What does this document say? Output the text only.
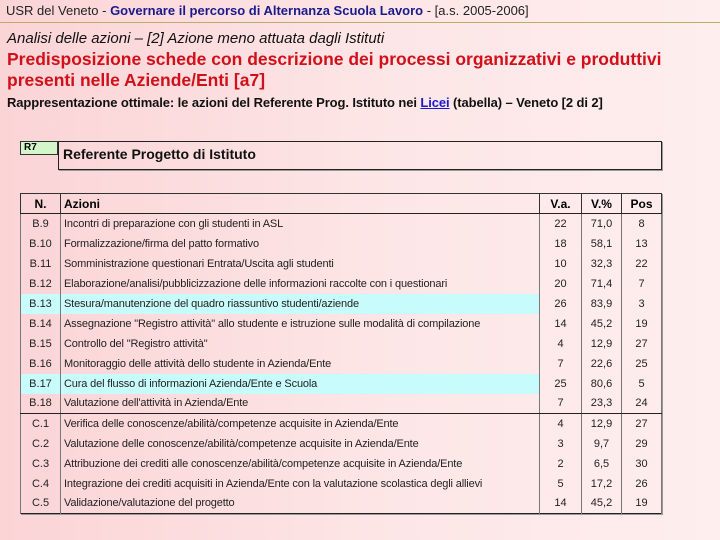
USR del Veneto - Governare il percorso di Alternanza Scuola Lavoro - [a.s. 2005-2006]
Analisi delle azioni – [2] Azione meno attuata dagli Istituti
Predisposizione schede con descrizione dei processi organizzativi e produttivi presenti nelle Aziende/Enti [a7]
Rappresentazione ottimale: le azioni del Referente Prog. Istituto nei Licei (tabella) – Veneto [2 di 2]
R7	Referente Progetto di Istituto
N.	Azioni	V.a.	V.%	Pos
B.9	Incontri di preparazione con gli studenti in ASL	22	71,0	8
B.10	Formalizzazione/firma del patto formativo	18	58,1	13
B.11	Somministrazione questionari Entrata/Uscita agli studenti	10	32,3	22
B.12	Elaborazione/analisi/pubblicizzazione delle informazioni raccolte con i questionari	20	71,4	7
B.13	Stesura/manutenzione del quadro riassuntivo studenti/aziende	26	83,9	3
B.14	Assegnazione "Registro attività" allo studente e istruzione sulle modalità di compilazione	14	45,2	19
B.15	Controllo del "Registro attività"	4	12,9	27
B.16	Monitoraggio delle attività dello studente in Azienda/Ente	7	22,6	25
B.17	Cura del flusso di informazioni Azienda/Ente e Scuola	25	80,6	5
B.18	Valutazione dell'attività in Azienda/Ente	7	23,3	24
C.1	Verifica delle conoscenze/abilità/competenze acquisite in Azienda/Ente	4	12,9	27
C.2	Valutazione delle conoscenze/abilità/competenze acquisite in Azienda/Ente	3	9,7	29
C.3	Attribuzione dei crediti alle conoscenze/abilità/competenze acquisite in Azienda/Ente	2	6,5	30
C.4	Integrazione dei crediti acquisiti in Azienda/Ente con la valutazione scolastica degli allievi	5	17,2	26
C.5	Validazione/valutazione del progetto	14	45,2	19
